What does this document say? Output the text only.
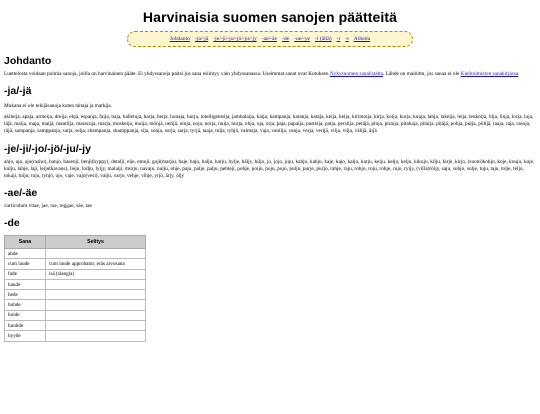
Harvinaisia suomen sanojen päätteitä
Johdanto -ja/-jä -je/-ji/-jo/-jö/-ju/-jy -ae/-äe -de -ue/-ye -l (ällä) -r -t Aiheita
Johdanto

Luettelosta voidaan poimia sanoja, joilla on harvinainen pääte. Ei yhdyssanoja paitsi jos sana esiintyy vain yhdyssanassa. Useimmat sanat ovat Kotuksen Nykysuomen sanalistalta. Lähde on mainittu, jos sanaa ei ole Kielitoimiston sanakirjassa.

-ja/-jä

Mukana ei ole tekijäsanoja kuten taitaja ja matkija.

akileija, apaja, armeija, dreija, ehjä, espanja, faija, haja, halleluja, harja, herja, hunaja, hurja, intelligentsija, jambalaija, kalja, kampanja, katanja, kataja, keija, kelja, kirimoija, kirja, kolja, kurja, kuuja, lahja, lakeija, leija, leukoija, lilja, linja, lorja, luja, läjä, maija, maja, maljä, mantilja, maracuja, marja, moskeija, muija, mönjä, nelijä, ninja, noja, norja, nuija, nurja, ohja, oja, orja, paja, papaija, pasteija, patja, persilja, petäjä, pinja, piraija, pitahaja, pitaija, pitäjä, pohja, pulja, pölijä, raaja, raja, rasoja, räjä, sampanja, samppanja, sarja, selja, shampanja, shamppanja, sija, sonja, sorja, sarja, tyrjä, taaja, tulja, tyhjä, vaimaja, vaja, vanilja, vanja, verja, verijä, vilja, vilja, välijä, äijä

-je/-ji/-jo/-jö/-ju/-jy

ahjo, ajo, ajo(rasho), banjo, basenji, benji(hyppy), detalji, eije, emoji, goji(marja), haje, haju, halju, harju, hylje, häijy, hiljo, jo, jojo, juju, kahjo, kahju, kaje, kajo, kalju, karju, keiju, kelju, kelju, kikuju, kilju, kirje, kirjo, (suoni)kohju, koje, kouju, kuje, kulju, lahje, laji, leijutkavaus), lieju, lodju, lyijy, malaiji, murju, navaju, nulju, ohje, paju, palje, palju, pebleji, pohje, poiju, poju, pujo, pulju, purje, purjo, rahje, raju, rohjo, roju, rohje, rujo, ryijy, (villa)röijy, saju, sohjo, sulje, tuju, taju, tolje, teljo, tokaji, tuiju, tuju, tyhjö, ujo, vaje, vajo(vesi), valju, varjo, vehje, vihje, yrjö, ärjy, öljy

-ae/-äe

curriculum vitae, jae, rae, reggae, säe, tae

-de
Sana	Selitys
ahde	
cum laude	cum laude approbatur, eräs arvosana
fade	isä (slangia)
haude	
hede	
hohde	
hoide	
huuhde	
hyyde	
